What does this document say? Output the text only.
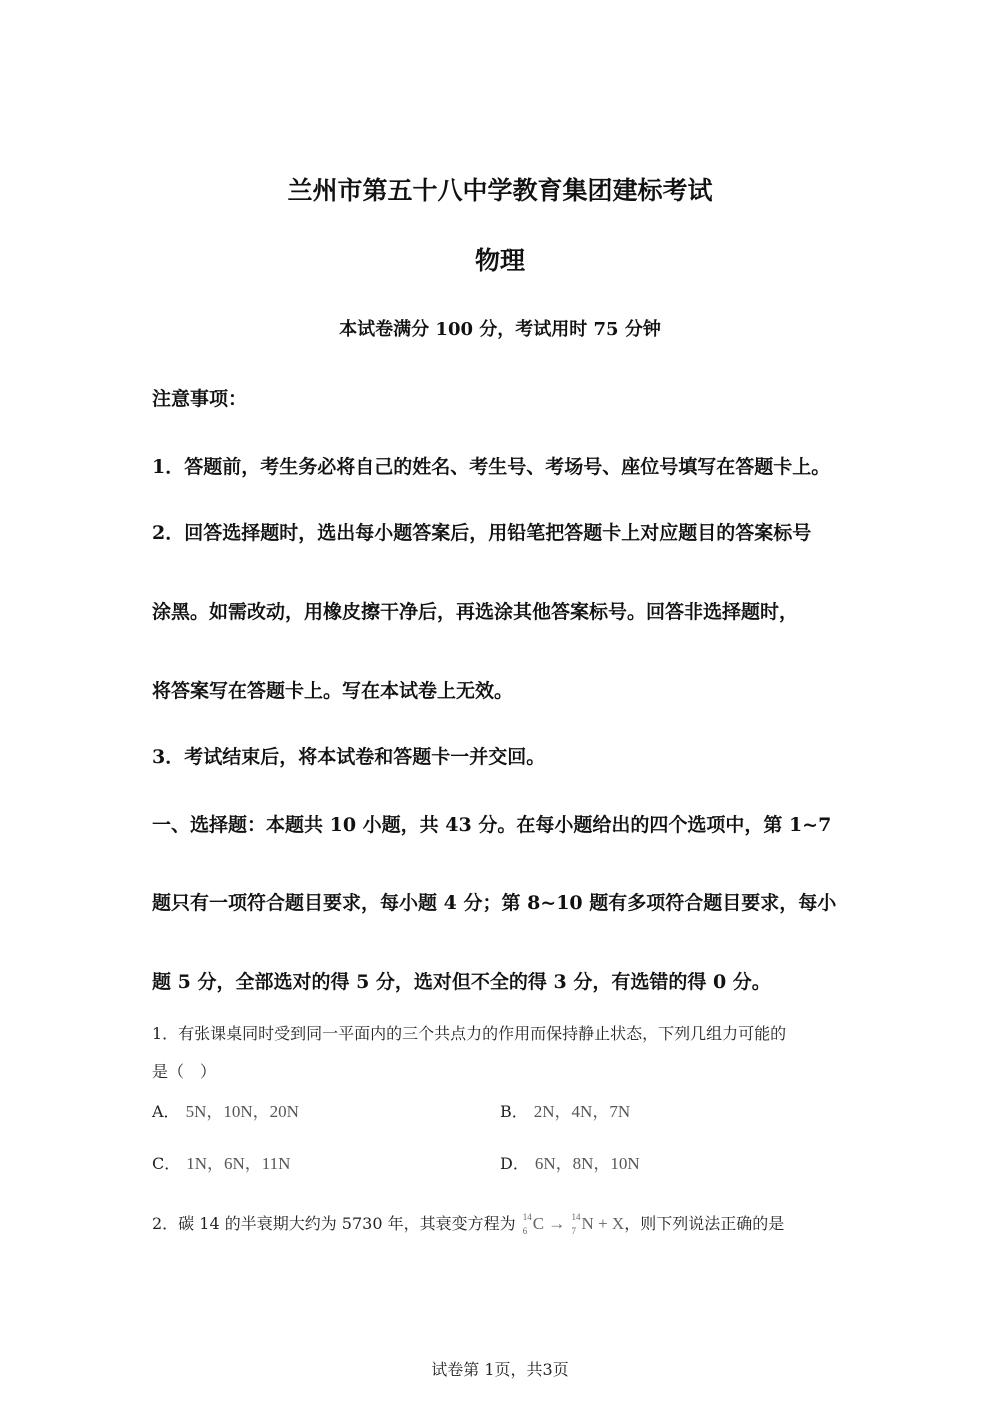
兰州市第五十八中学教育集团建标考试
物理
本试卷满分 100 分，考试用时 75 分钟
注意事项：
1．答题前，考生务必将自己的姓名、考生号、考场号、座位号填写在答题卡上。
2．回答选择题时，选出每小题答案后，用铅笔把答题卡上对应题目的答案标号
涂黑。如需改动，用橡皮擦干净后，再选涂其他答案标号。回答非选择题时，
将答案写在答题卡上。写在本试卷上无效。
3．考试结束后，将本试卷和答题卡一并交回。
一、选择题：本题共 10 小题，共 43 分。在每小题给出的四个选项中，第 1~7
题只有一项符合题目要求，每小题 4 分；第 8~10 题有多项符合题目要求，每小
题 5 分，全部选对的得 5 分，选对但不全的得 3 分，有选错的得 0 分。
1．有张课桌同时受到同一平面内的三个共点力的作用而保持静止状态，下列几组力可能的
是（　）
A． 5N，10N，20N	B． 2N，4N，7N
C． 1N，6N，11N	D． 6N，8N，10N
2．碳 14 的半衰期大约为 5730 年，其衰变方程为 14
6 C → 14
7 N + X，则下列说法正确的是
试卷第 1页，共3页
